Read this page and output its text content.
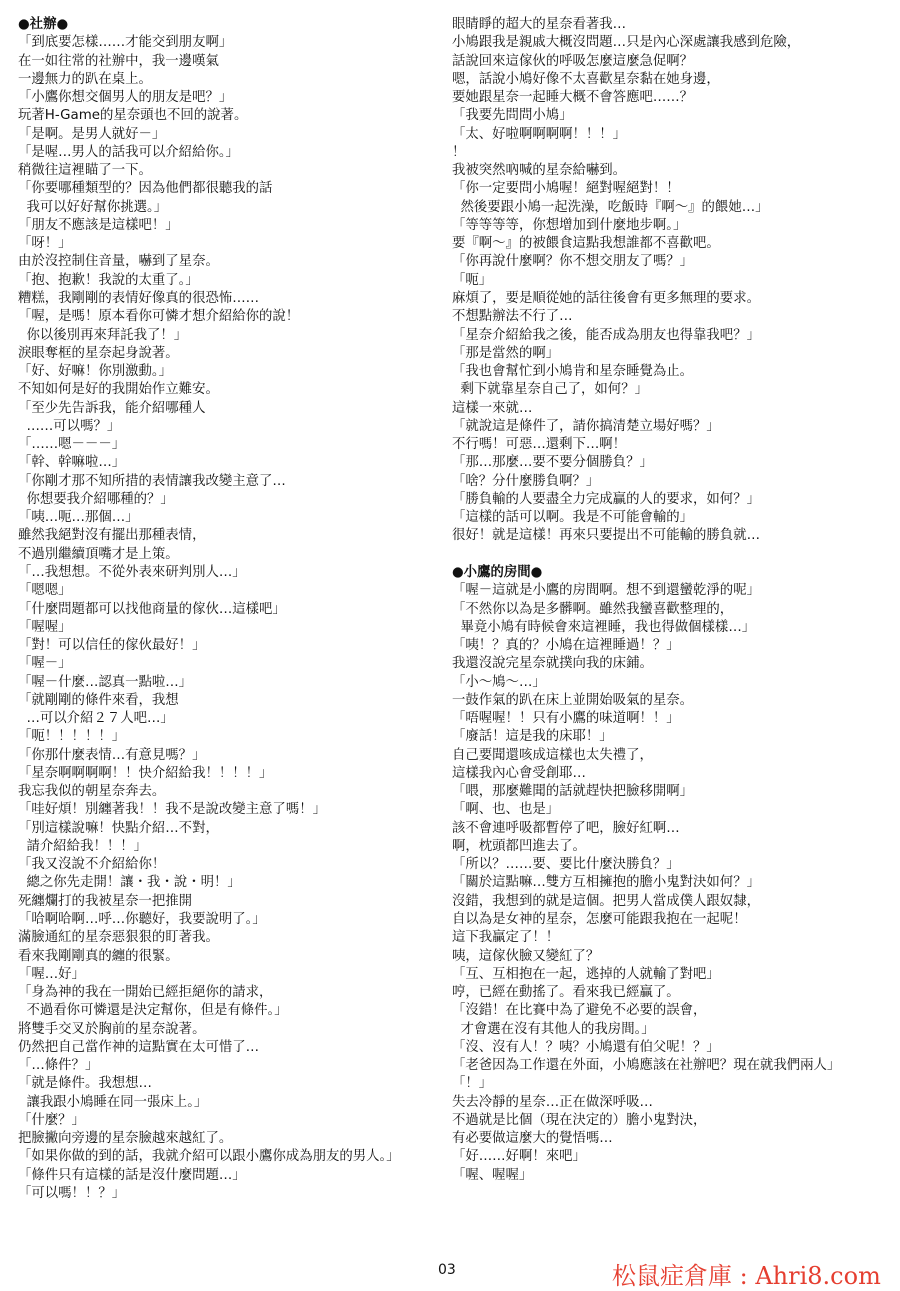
●社辦●
「到底要怎樣……才能交到朋友啊」
在一如往常的社辦中，我一邊嘆氣
一邊無力的趴在桌上。
「小鷹你想交個男人的朋友是吧？」
玩著H-Game的星奈頭也不回的說著。
「是啊。是男人就好－」
「是喔…男人的話我可以介紹給你。」
稍微往這裡瞄了一下。
「你要哪種類型的？因為他們都很聽我的話
我可以好好幫你挑選。」
「朋友不應該是這樣吧！」
「呀！」
由於沒控制住音量，嚇到了星奈。
「抱、抱歉！我說的太重了。」
糟糕，我剛剛的表情好像真的很恐怖……
「喔，是嗎！原本看你可憐才想介紹給你的說！
你以後別再來拜託我了！」
淚眼奪框的星奈起身說著。
「好、好嘛！你別激動。」
不知如何是好的我開始作立難安。
「至少先告訴我，能介紹哪種人
……可以嗎？」
「……嗯－－－」
「幹、幹嘛啦…」
「你剛才那不知所措的表情讓我改變主意了…
你想要我介紹哪種的？」
「咦…呃…那個…」
雖然我絕對沒有擺出那種表情，
不過別繼續頂嘴才是上策。
「…我想想。不從外表來研判別人…」
「嗯嗯」
「什麼問題都可以找他商量的傢伙…這樣吧」
「喔喔」
「對！可以信任的傢伙最好！」
「喔－」
「喔－什麼…認真一點啦…」
「就剛剛的條件來看，我想
…可以介紹２７人吧…」
「呃！！！！！」
「你那什麼表情…有意見嗎？」
「星奈啊啊啊啊！！快介紹給我！！！！」
我忘我似的朝星奈奔去。
「哇好煩！別纏著我！！我不是說改變主意了嗎！」
「別這樣說嘛！快點介紹…不對，
請介紹給我！！！」
「我又沒說不介紹給你！
總之你先走開！讓・我・說・明！」
死纏爛打的我被星奈一把推開
「哈啊哈啊…呼…你聽好，我要說明了。」
滿臉通紅的星奈惡狠狠的盯著我。
看來我剛剛真的纏的很緊。
「喔…好」
「身為神的我在一開始已經拒絕你的請求，
不過看你可憐還是決定幫你，但是有條件。」
將雙手交叉於胸前的星奈說著。
仍然把自己當作神的這點實在太可惜了…
「…條件？」
「就是條件。我想想…
讓我跟小鳩睡在同一張床上。」
「什麼？」
把臉撇向旁邊的星奈臉越來越紅了。
「如果你做的到的話，我就介紹可以跟小鷹你成為朋友的男人。」
「條件只有這樣的話是沒什麼問題…」
「可以嗎！！？」
眼睛睜的超大的星奈看著我…
小鳩跟我是親戚大概沒問題…只是內心深處讓我感到危險，
話說回來這傢伙的呼吸怎麼這麼急促啊？
嗯，話說小鳩好像不太喜歡星奈黏在她身邊，
要她跟星奈一起睡大概不會答應吧……？
「我要先問問小鳩」
「太、好啦啊啊啊啊！！！」
！
我被突然吶喊的星奈給嚇到。
「你一定要問小鳩喔！絕對喔絕對！！
然後要跟小鳩一起洗澡，吃飯時『啊～』的餵她…」
「等等等等，你想增加到什麼地步啊。」
要『啊～』的被餵食這點我想誰都不喜歡吧。
「你再說什麼啊？你不想交朋友了嗎？」
「呃」
麻煩了，要是順從她的話往後會有更多無理的要求。
不想點辦法不行了…
「星奈介紹給我之後，能否成為朋友也得靠我吧？」
「那是當然的啊」
「我也會幫忙到小鳩肯和星奈睡覺為止。
剩下就靠星奈自己了，如何？」
這樣一來就…
「就說這是條件了，請你搞清楚立場好嗎？」
不行嗎！可惡…還剩下…啊！
「那…那麼…要不要分個勝負？」
「啥？分什麼勝負啊？」
「勝負輸的人要盡全力完成贏的人的要求，如何？」
「這樣的話可以啊。我是不可能會輸的」
很好！就是這樣！再來只要提出不可能輸的勝負就…

●小鷹的房間●
「喔－這就是小鷹的房間啊。想不到還蠻乾淨的呢」
「不然你以為是多髒啊。雖然我蠻喜歡整理的，
畢竟小鳩有時候會來這裡睡，我也得做個樣樣…」
「咦！？真的？小鳩在這裡睡過！？」
我還沒說完星奈就撲向我的床鋪。
「小～鳩～…」
一鼓作氣的趴在床上並開始吸氣的星奈。
「唔喔喔！！只有小鷹的味道啊！！」
「廢話！這是我的床耶！」
自己要聞還咳成這樣也太失禮了，
這樣我內心會受創耶…
「喂，那麼難聞的話就趕快把臉移開啊」
「啊、也、也是」
該不會連呼吸都暫停了吧，臉好紅啊…
啊，枕頭都凹進去了。
「所以？……要、要比什麼決勝負？」
「關於這點嘛…雙方互相擁抱的膽小鬼對決如何？」
沒錯，我想到的就是這個。把男人當成僕人跟奴隸，
自以為是女神的星奈，怎麼可能跟我抱在一起呢！
這下我贏定了！！
咦，這傢伙臉又變紅了？
「互、互相抱在一起，逃掉的人就輸了對吧」
哼，已經在動搖了。看來我已經贏了。
「沒錯！在比賽中為了避免不必要的誤會，
才會選在沒有其他人的我房間。」
「沒、沒有人！？咦？小鳩還有伯父呢！？」
「老爸因為工作還在外面，小鳩應該在社辦吧？現在就我們兩人」
「！」
失去冷靜的星奈…正在做深呼吸…
不過就是比個（現在決定的）膽小鬼對決，
有必要做這麼大的覺悟嗎…
「好……好啊！來吧」
「喔、喔喔」
03	松鼠症倉庫 : Ahri8.com
